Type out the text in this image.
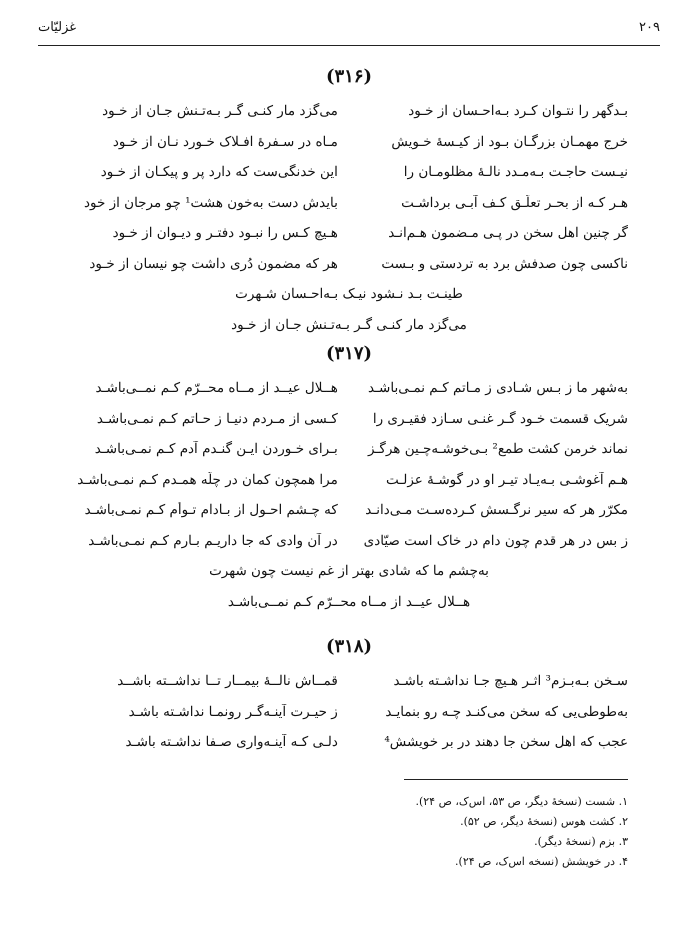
۲۰۹
غزلیّات
(۳۱۶)
بـدگهر را نتـوان کـرد بـه‌احـسان از خـود
می‌گزد مار کنـی گـر بـه‌تـنش جـان از خـود
خرج مهمـان بزرگـان بـود از کیـسهٔ خـویش
مـاه در سـفرهٔ افـلاک خـورد نـان از خـود
نیـست حاجـت بـه‌مـدد نالـهٔ مظلومـان را
این خدنگی‌ست که دارد پر و پیکـان از خـود
هـر کـه از بحـر تعلّـق کـف آبـی برداشـت
بایدش دست به‌خون هشت¹ چو مرجان از خود
گر چنین اهل سخن در پـی مـضمون هـم‌انـد
هـیچ کـس را نبـود دفتـر و دیـوان از خـود
ناکسی چون صدفش برد به تردستی و بـست
هر که مضمون دُری داشت چو نیسان از خـود
طینـت بـد نـشود نیـک بـه‌احـسان شـهرت
می‌گزد مار کنـی گـر بـه‌تـنش جـان از خـود
(۳۱۷)
به‌شهر ما ز بـس شـادی ز مـاتم کـم نمـی‌باشـد
هــلال عیــد از مــاه محــرّم کـم نمــی‌باشـد
شریک قسمت خـود گـر غنـی سـازد فقیـری را
کـسی از مـردم دنیـا ز حـاتم کـم نمـی‌باشـد
نماند خرمن کشت طمع² بـی‌خوشـه‌چـین هرگـز
بـرای خـوردن ایـن گنـدم آدم کـم نمـی‌باشـد
هـم آغوشـی بـه‌یـاد تیـر او در گوشـهٔ عزلـت
مرا همچون کمان در چلّه همـدم کـم نمـی‌باشـد
مکرّر هر که سیر نرگـسش کـرده‌سـت مـی‌دانـد
که چـشم احـول از بـادام تـوأم کـم نمـی‌باشـد
ز بس در هر قدم چون دام در خاک است صیّادی
در آن وادی که جا داریـم بـارم کـم نمـی‌باشـد
به‌چشم ما که شادی بهتر از غم نیست چون شهرت
هــلال عیــد از مــاه محــرّم کـم نمــی‌باشـد
(۳۱۸)
سـخن بـه‌بـزم³ اثـر هـیچ جـا نداشـته باشـد
قمــاش نالــهٔ بیمــار تــا نداشــته باشــد
به‌طوطی‌یی که سخن می‌کنـد چـه رو بنمایـد
ز حیـرت آینـه‌گـر رونمـا نداشـته باشـد
عجب که اهل سخن جا دهند در برِ خویشش⁴
دلـی کـه آینـه‌واری صـفا نداشـته باشـد
۱. شست (نسخهٔ دیگر، ص ۵۳، اس‌ک، ص ۲۴).
۲. کشت هوس (نسخهٔ دیگر، ص ۵۲).
۳. بزم (نسخهٔ دیگر).
۴. در خویشش (نسخه اس‌ک، ص ۲۴).
